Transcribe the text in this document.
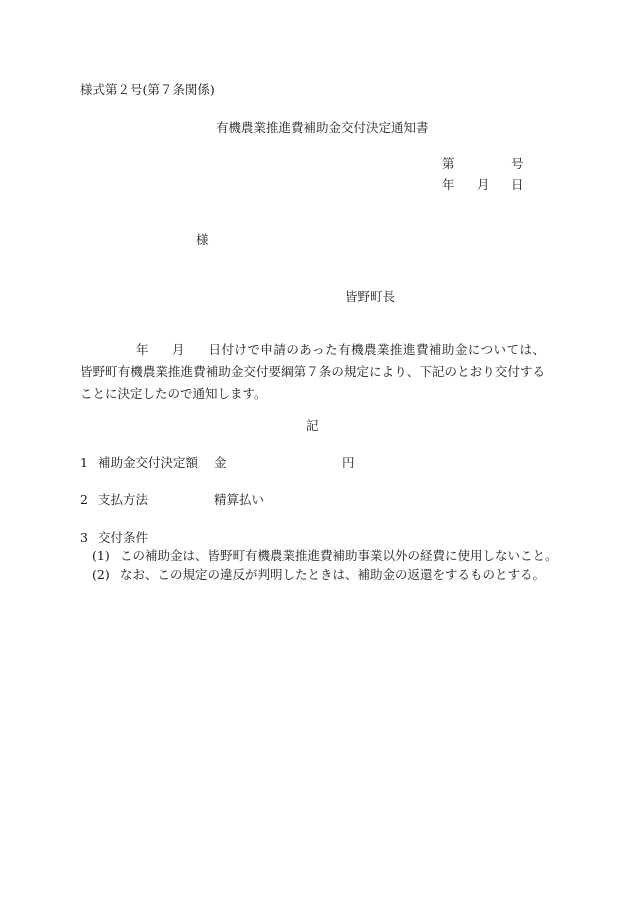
様式第２号(第７条関係)
有機農業推進費補助金交付決定通知書
第	号
年 月 日
様
皆野町長
年 月	日付けで申請のあった有機農業推進費補助金については、皆野町有機農業推進費補助金交付要綱第７条の規定により、下記のとおり交付することに決定したので通知します。
記
1 補助金交付決定額 金	円
2 支払方法	精算払い
3 交付条件
(1) この補助金は、皆野町有機農業推進費補助事業以外の経費に使用しないこと。
(2) なお、この規定の違反が判明したときは、補助金の返還をするものとする。
